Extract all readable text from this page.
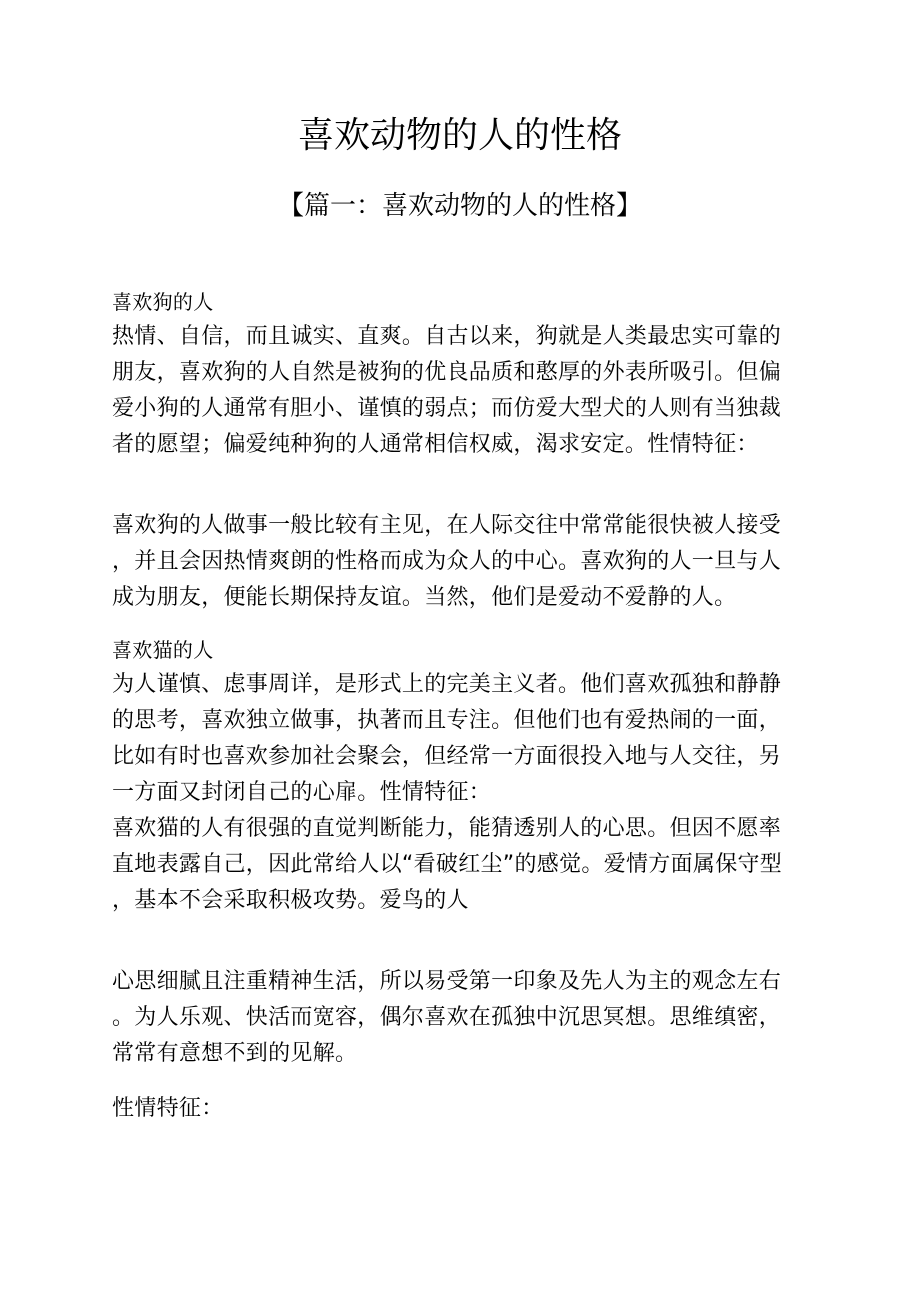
喜欢动物的人的性格
【篇一：喜欢动物的人的性格】
喜欢狗的人
热情、自信，而且诚实、直爽。自古以来，狗就是人类最忠实可靠的
朋友，喜欢狗的人自然是被狗的优良品质和憨厚的外表所吸引。但偏
爱小狗的人通常有胆小、谨慎的弱点；而仿爱大型犬的人则有当独裁
者的愿望；偏爱纯种狗的人通常相信权威，渴求安定。性情特征：
喜欢狗的人做事一般比较有主见，在人际交往中常常能很快被人接受
，并且会因热情爽朗的性格而成为众人的中心。喜欢狗的人一旦与人
成为朋友，便能长期保持友谊。当然，他们是爱动不爱静的人。
喜欢猫的人
为人谨慎、虑事周详，是形式上的完美主义者。他们喜欢孤独和静静
的思考，喜欢独立做事，执著而且专注。但他们也有爱热闹的一面，
比如有时也喜欢参加社会聚会，但经常一方面很投入地与人交往，另
一方面又封闭自己的心扉。性情特征：
喜欢猫的人有很强的直觉判断能力，能猜透别人的心思。但因不愿率
直地表露自己，因此常给人以“看破红尘”的感觉。爱情方面属保守型
，基本不会采取积极攻势。爱鸟的人
心思细腻且注重精神生活，所以易受第一印象及先人为主的观念左右
。为人乐观、快活而宽容，偶尔喜欢在孤独中沉思冥想。思维缜密，
常常有意想不到的见解。
性情特征：
